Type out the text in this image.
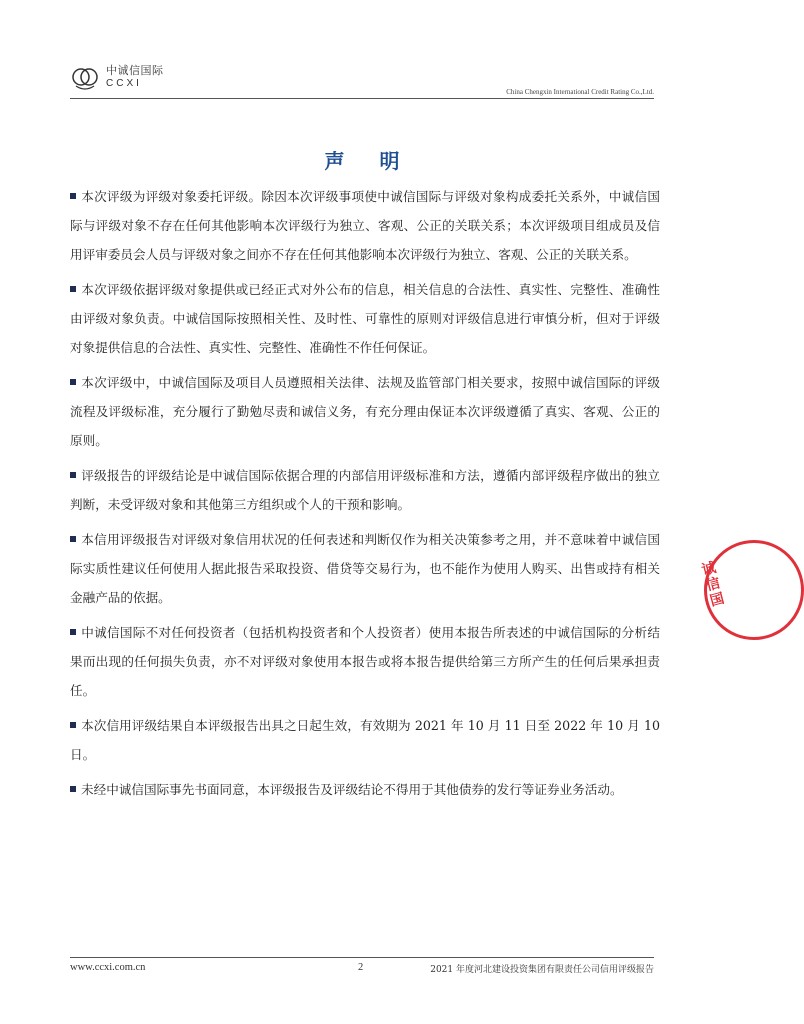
中诚信国际
CCXI
China Chengxin International Credit Rating Co.,Ltd.
声 明

本次评级为评级对象委托评级。除因本次评级事项使中诚信国际与评级对象构成委托关系外，中诚信国际与评级对象不存在任何其他影响本次评级行为独立、客观、公正的关联关系；本次评级项目组成员及信用评审委员会人员与评级对象之间亦不存在任何其他影响本次评级行为独立、客观、公正的关联关系。

本次评级依据评级对象提供或已经正式对外公布的信息，相关信息的合法性、真实性、完整性、准确性由评级对象负责。中诚信国际按照相关性、及时性、可靠性的原则对评级信息进行审慎分析，但对于评级对象提供信息的合法性、真实性、完整性、准确性不作任何保证。

本次评级中，中诚信国际及项目人员遵照相关法律、法规及监管部门相关要求，按照中诚信国际的评级流程及评级标准，充分履行了勤勉尽责和诚信义务，有充分理由保证本次评级遵循了真实、客观、公正的原则。

评级报告的评级结论是中诚信国际依据合理的内部信用评级标准和方法，遵循内部评级程序做出的独立判断，未受评级对象和其他第三方组织或个人的干预和影响。

本信用评级报告对评级对象信用状况的任何表述和判断仅作为相关决策参考之用，并不意味着中诚信国际实质性建议任何使用人据此报告采取投资、借贷等交易行为，也不能作为使用人购买、出售或持有相关金融产品的依据。

中诚信国际不对任何投资者（包括机构投资者和个人投资者）使用本报告所表述的中诚信国际的分析结果而出现的任何损失负责，亦不对评级对象使用本报告或将本报告提供给第三方所产生的任何后果承担责任。

本次信用评级结果自本评级报告出具之日起生效，有效期为 2021 年 10 月 11 日至 2022 年 10 月 10 日。

未经中诚信国际事先书面同意，本评级报告及评级结论不得用于其他债券的发行等证券业务活动。

诚信国
www.ccxi.com.cn	2	2021 年度河北建设投资集团有限责任公司信用评级报告
